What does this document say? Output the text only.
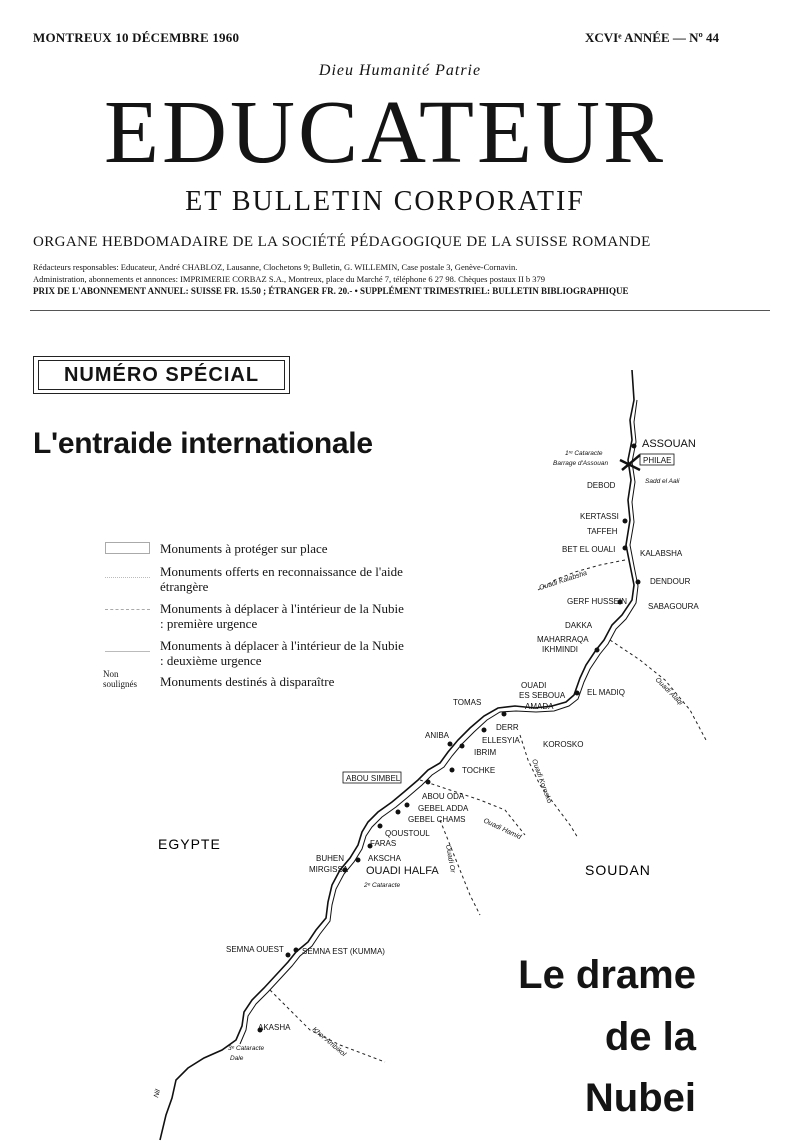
MONTREUX 10 DÉCEMBRE 1960	XCVIᵉ ANNÉE — Nº 44
Dieu Humanité Patrie
EDUCATEUR
ET BULLETIN CORPORATIF
ORGANE HEBDOMADAIRE DE LA SOCIÉTÉ PÉDAGOGIQUE DE LA SUISSE ROMANDE
Rédacteurs responsables: Educateur, André CHABLOZ, Lausanne, Clochetons 9; Bulletin, G. WILLEMIN, Case postale 3, Genève-Cornavin.
Administration, abonnements et annonces: IMPRIMERIE CORBAZ S.A., Montreux, place du Marché 7, téléphone 6 27 98. Chèques postaux II b 379
PRIX DE L'ABONNEMENT ANNUEL: SUISSE FR. 15.50 ; ÉTRANGER FR. 20.- • SUPPLÉMENT TRIMESTRIEL: BULLETIN BIBLIOGRAPHIQUE
NUMÉRO SPÉCIAL
L'entraide internationale
Monuments à protéger sur place
Monuments offerts en reconnaissance de l'aide étrangère
Monuments à déplacer à l'intérieur de la Nubie : première urgence
Monuments à déplacer à l'intérieur de la Nubie : deuxième urgence
Non soulignés	Monuments destinés à disparaître
EGYPTE
SOUDAN
ASSOUAN
1ʳᵉ Cataracte
Barrage d'Assouan	PHILAE
Sadd el Aali
DEBOD
KERTASSI
TAFFEH
BET EL OUALI	KALABSHA
Ouadi Kalabsha	DENDOUR
GERF HUSSEIN
SABAGOURA
DAKKA
MAHARRAQA
IKHMINDI
Ouadi Alaqi
OUADI
ES SEBOUA	EL MADIQ
AMADA
TOMAS
DERR
ELLESYIA
ANIBA
IBRIM
KOROSKO
Ouadi Korosko
TOCHKE
ABOU SIMBEL
ABOU ODA
GEBEL ADDA
GEBEL CHAMS Ouadi Hamid
QOUSTOUL
FARAS
Ouadi Or
BUHEN	AKSCHA
MIRGISSA OUADI HALFA
2ᵉ Cataracte
SEMNA OUEST SEMNA EST (KUMMA)
AKASHA
3ᵉ Cataracte
Dale
Khor Ambikol
Nil
Le drame
de la
Nubei
